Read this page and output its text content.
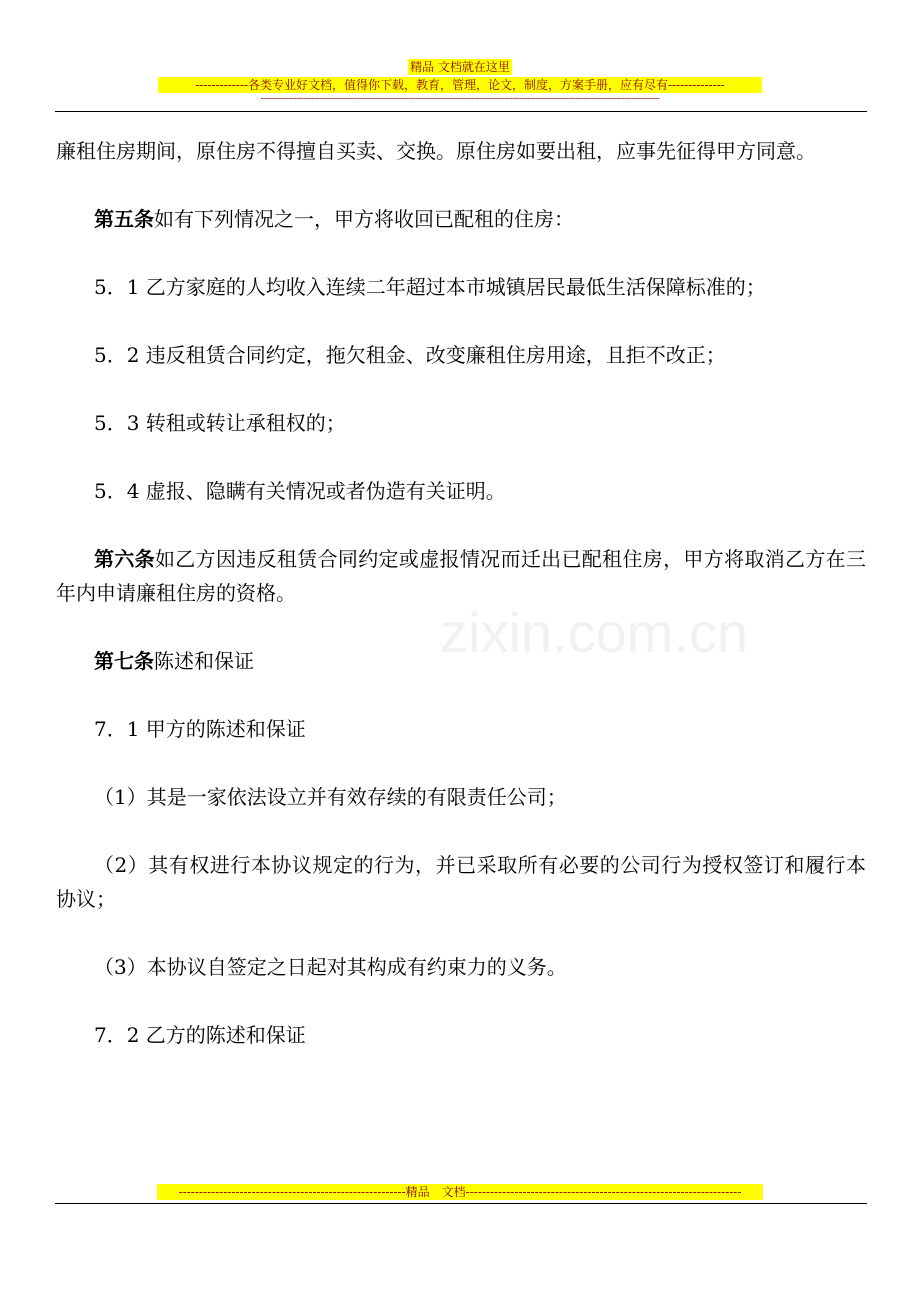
精品 文档就在这里
-------------各类专业好文档，值得你下载，教育，管理，论文，制度，方案手册，应有尽有--------------
-------------------------------------------------------------------------------------------------------------------------------------------------------------
zixin.com.cn

廉租住房期间，原住房不得擅自买卖、交换。原住房如要出租，应事先征得甲方同意。

第五条如有下列情况之一，甲方将收回已配租的住房：

5．1 乙方家庭的人均收入连续二年超过本市城镇居民最低生活保障标准的；

5．2 违反租赁合同约定，拖欠租金、改变廉租住房用途，且拒不改正；

5．3 转租或转让承租权的；

5．4 虚报、隐瞒有关情况或者伪造有关证明。

第六条如乙方因违反租赁合同约定或虚报情况而迁出已配租住房，甲方将取消乙方在三年内申请廉租住房的资格。

第七条陈述和保证

7．1 甲方的陈述和保证

（1）其是一家依法设立并有效存续的有限责任公司；

（2）其有权进行本协议规定的行为，并已采取所有必要的公司行为授权签订和履行本协议；

（3）本协议自签定之日起对其构成有约束力的义务。

7．2 乙方的陈述和保证

--------------------------------------------------------精品　文档--------------------------------------------------------------------
